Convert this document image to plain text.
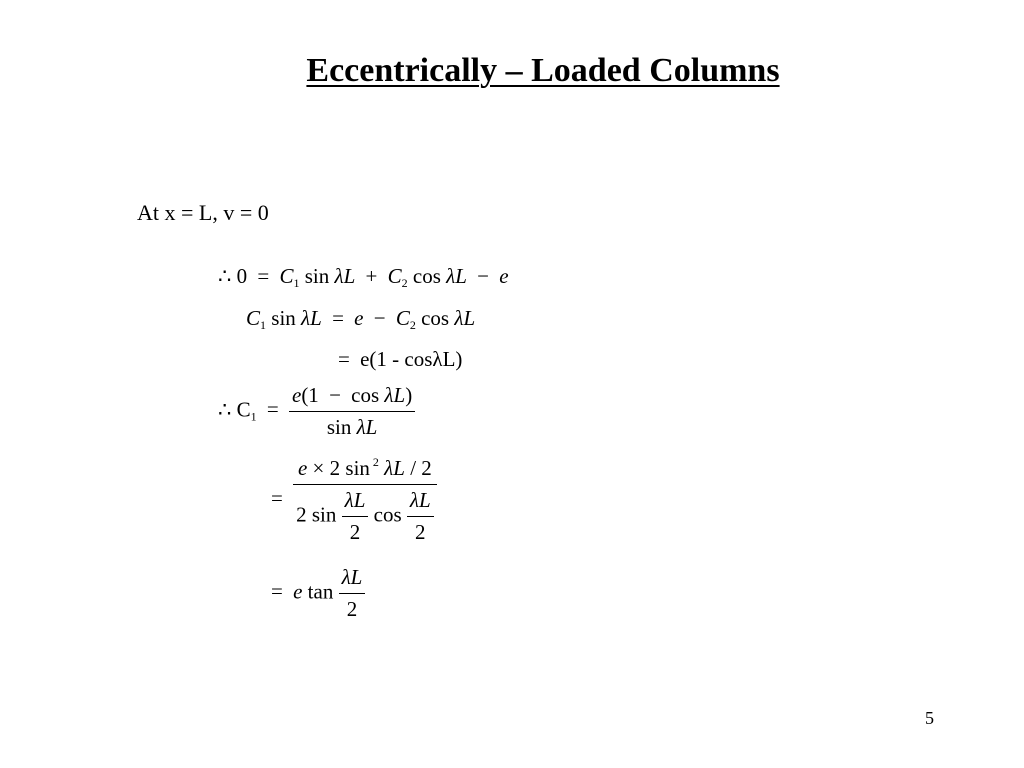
Eccentrically – Loaded Columns
At x = L, v = 0
∴ $0 = C_1$ $\sin \lambda L + C_2$ cos λL − e
$C_1$ $\sin \lambda L = e - C_2$ cos λL
= e(1 - cosλL)
∴ $C_1 = \frac{\text{e(1 − cos λL)}}{\text{sin λL}}$
=
e × 2 sin $^2$ λL / 2
2 $\sin \frac{\lambda L}{2}$ $\cos \frac{\lambda L}{2}$
= e $\tan \frac{\lambda L}{2}$
5
